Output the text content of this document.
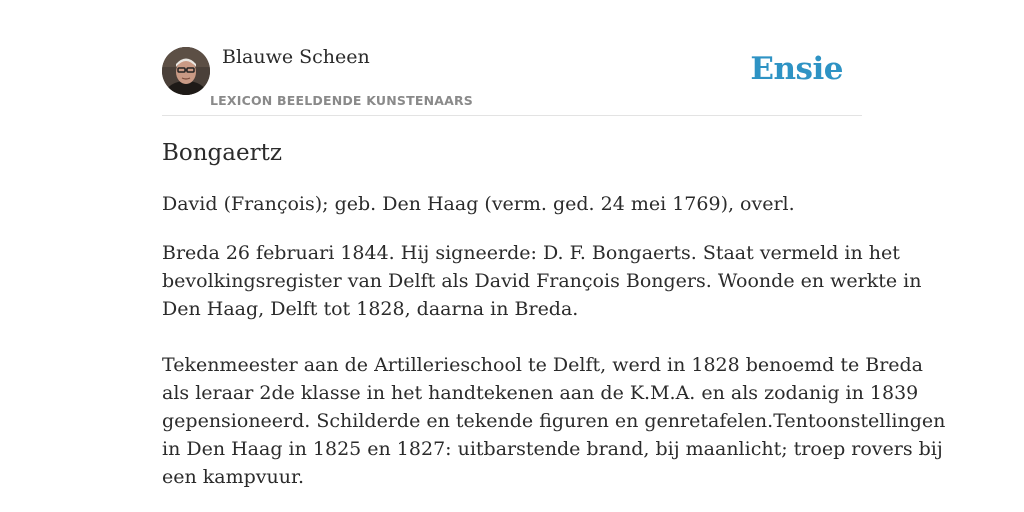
Blauwe Scheen
LEXICON BEELDENDE KUNSTENAARS
Ensie
Bongaertz

David (François); geb. Den Haag (verm. ged. 24 mei 1769), overl.

Breda 26 februari 1844. Hij signeerde: D. F. Bongaerts. Staat vermeld in het

bevolkingsregister van Delft als David François Bongers. Woonde en werkte in

Den Haag, Delft tot 1828, daarna in Breda.

Tekenmeester aan de Artillerieschool te Delft, werd in 1828 benoemd te Breda

als leraar 2de klasse in het handtekenen aan de K.M.A. en als zodanig in 1839

gepensioneerd. Schilderde en tekende figuren en genretafelen.Tentoonstellingen

in Den Haag in 1825 en 1827: uitbarstende brand, bij maanlicht; troep rovers bij

een kampvuur.
